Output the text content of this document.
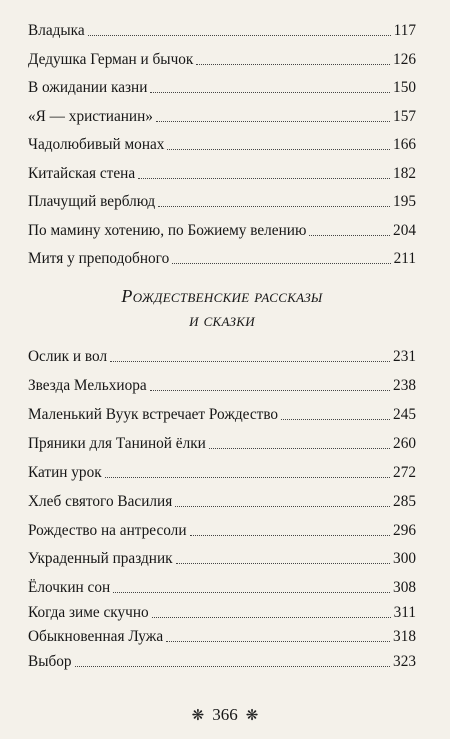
Владыка	117
Дедушка Герман и бычок	126
В ожидании казни	150
«Я — христианин»	157
Чадолюбивый монах	166
Китайская стена	182
Плачущий верблюд	195
По мамину хотению, по Божиему велению	204
Митя у преподобного	211
Рождественские рассказы
и сказки
Ослик и вол	231
Звезда Мельхиора	238
Маленький Вуук встречает Рождество	245
Пряники для Таниной ёлки	260
Катин урок	272
Хлеб святого Василия	285
Рождество на антресоли	296
Украденный праздник	300
Ёлочкин сон	308
Когда зиме скучно	311
Обыкновенная Лужа	318
Выбор	323
❋ 366 ❋
